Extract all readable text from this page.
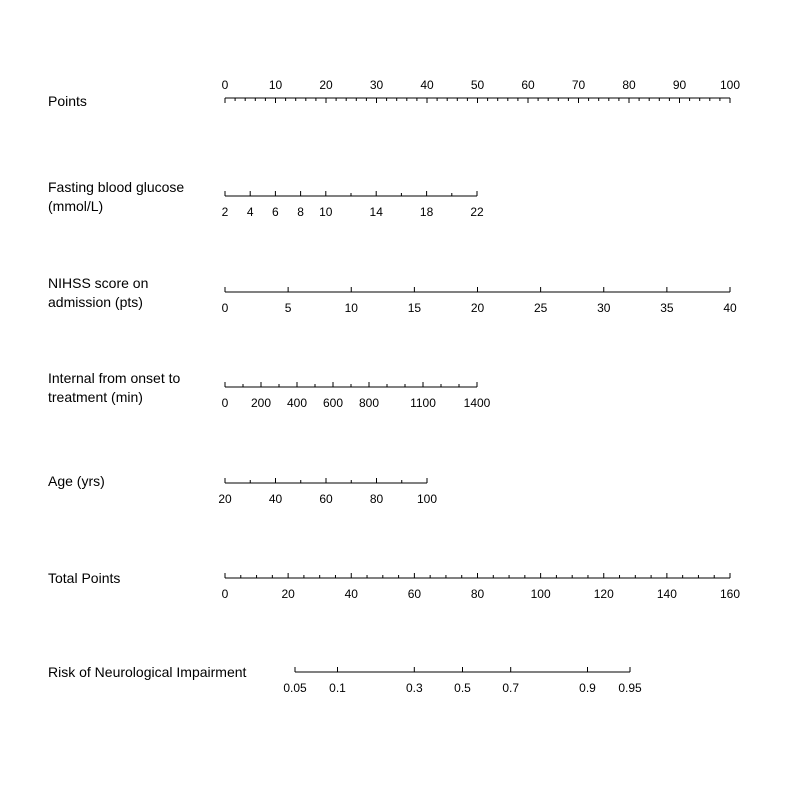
Points
0	10	20	30	40	50	60	70	80	90	100
Fasting blood glucose
(mmol/L)	2 4 6 8 10	14	18	22
NIHSS score on
admission (pts)	0	5	10	15	20	25	30	35	40
Internal from onset to
treatment (min)	0 200 400 600 800	1100 1400
Age (yrs)
20	40	60	80	100
Total Points
0	20	40	60	80	100	120	140	160
Risk of Neurological Impairment
0.05 0.1	0.3	0.5	0.7	0.9 0.95
